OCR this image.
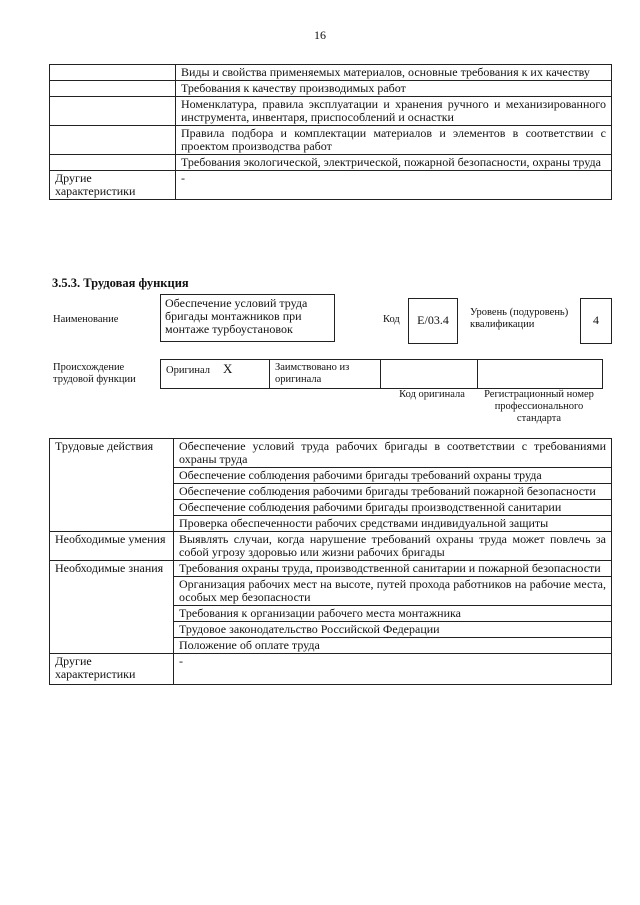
16
	Виды и свойства применяемых материалов, основные требования к их качеству
	Требования к качеству производимых работ
	Номенклатура, правила эксплуатации и хранения ручного и механизированного инструмента, инвентаря, приспособлений и оснастки
	Правила подбора и комплектации материалов и элементов в соответствии с проектом производства работ
	Требования экологической, электрической, пожарной безопасности, охраны труда
Другие характеристики	-
3.5.3. Трудовая функция
Наименование
Обеспечение условий труда бригады монтажников при монтаже турбоустановок
Код	E/03.4
Уровень (подуровень) квалификации	4
Происхождение трудовой функции
Оригинал X	Заимствовано из оригинала		
Код оригинала	Регистрационный номер профессионального стандарта
Трудовые действия	Обеспечение условий труда рабочих бригады в соответствии с требованиями охраны труда
	Обеспечение соблюдения рабочими бригады требований охраны труда
	Обеспечение соблюдения рабочими бригады требований пожарной безопасности
	Обеспечение соблюдения рабочими бригады производственной санитарии
	Проверка обеспеченности рабочих средствами индивидуальной защиты
Необходимые умения	Выявлять случаи, когда нарушение требований охраны труда может повлечь за собой угрозу здоровью или жизни рабочих бригады
Необходимые знания	Требования охраны труда, производственной санитарии и пожарной безопасности
	Организация рабочих мест на высоте, путей прохода работников на рабочие места, особых мер безопасности
	Требования к организации рабочего места монтажника
	Трудовое законодательство Российской Федерации
	Положение об оплате труда
Другие характеристики	-
